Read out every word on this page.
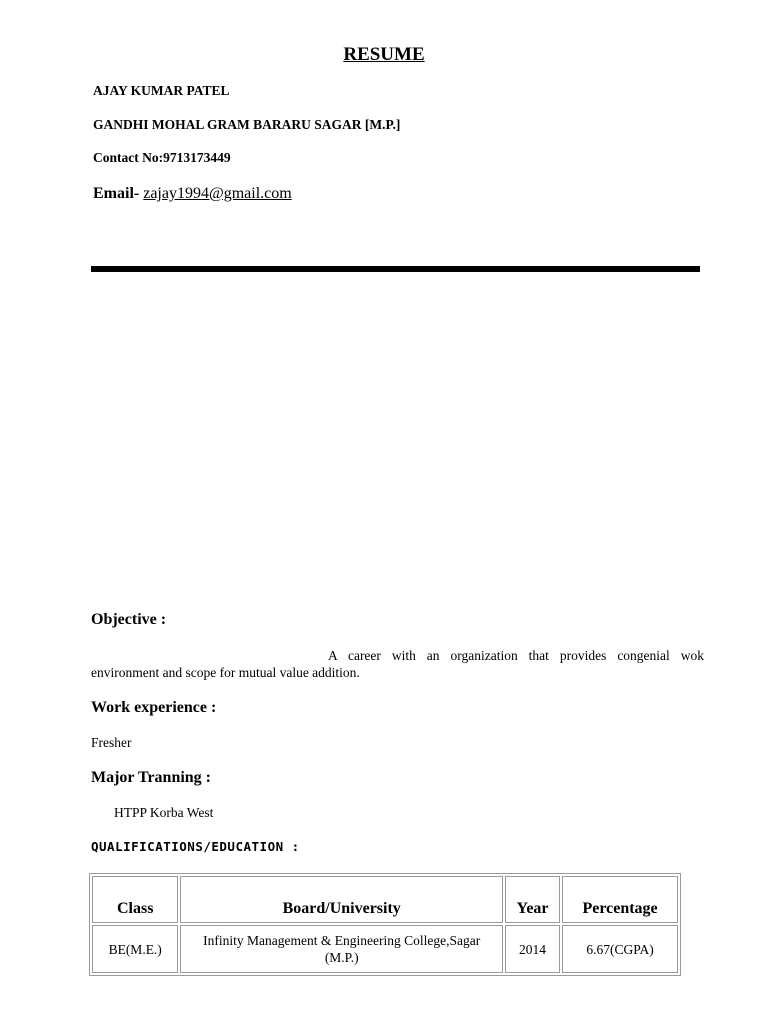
RESUME
AJAY KUMAR PATEL
GANDHI MOHAL GRAM BARARU SAGAR [M.P.]
Contact No:9713173449
Email- zajay1994@gmail.com
Objective :
A career with an organization that provides congenial wok environment and scope for mutual value addition.
Work experience :
Fresher
Major Tranning :
HTPP Korba West
QUALIFICATIONS/EDUCATION :
Class	Board/University	Year	Percentage
BE(M.E.)	Infinity Management & Engineering College,Sagar (M.P.)	2014	6.67(CGPA)
